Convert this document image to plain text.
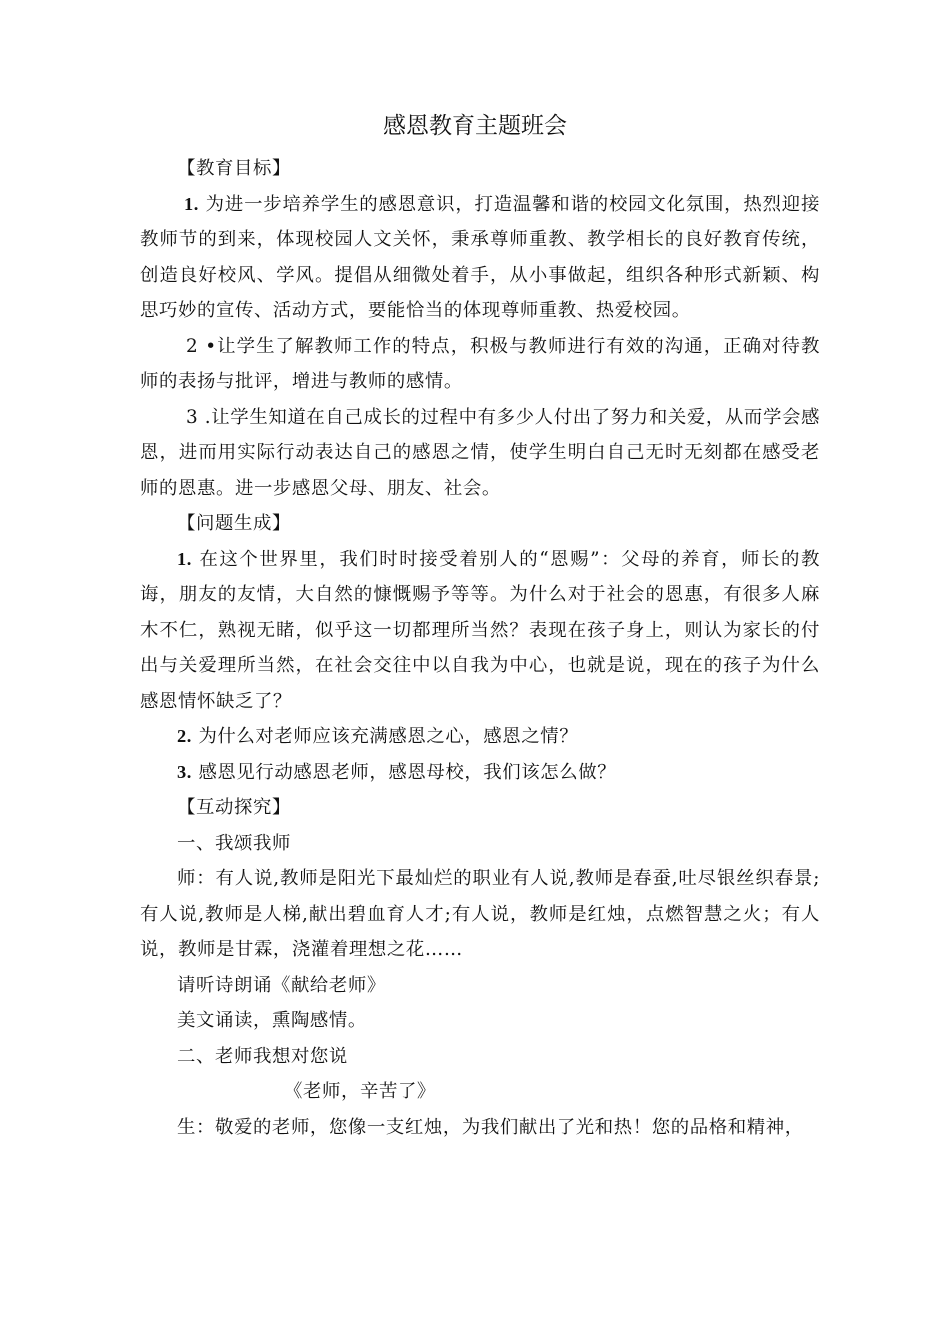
感恩教育主题班会

【教育目标】

1. 为进一步培养学生的感恩意识，打造温馨和谐的校园文化氛围，热烈迎接教师节的到来，体现校园人文关怀，秉承尊师重教、教学相长的良好教育传统，创造良好校风、学风。提倡从细微处着手，从小事做起，组织各种形式新颖、构思巧妙的宣传、活动方式，要能恰当的体现尊师重教、热爱校园。

2 •让学生了解教师工作的特点，积极与教师进行有效的沟通，正确对待教师的表扬与批评，增进与教师的感情。

3 .让学生知道在自己成长的过程中有多少人付出了努力和关爱，从而学会感恩，进而用实际行动表达自己的感恩之情，使学生明白自己无时无刻都在感受老师的恩惠。进一步感恩父母、朋友、社会。

【问题生成】

1. 在这个世界里，我们时时接受着别人的“恩赐”：父母的养育，师长的教诲，朋友的友情，大自然的慷慨赐予等等。为什么对于社会的恩惠，有很多人麻木不仁，熟视无睹，似乎这一切都理所当然？表现在孩子身上，则认为家长的付出与关爱理所当然，在社会交往中以自我为中心，也就是说，现在的孩子为什么感恩情怀缺乏了？

2. 为什么对老师应该充满感恩之心，感恩之情？

3. 感恩见行动感恩老师，感恩母校，我们该怎么做？

【互动探究】

一、我颂我师

师：有人说,教师是阳光下最灿烂的职业有人说,教师是春蚕,吐尽银丝织春景;有人说,教师是人梯,献出碧血育人才;有人说，教师是红烛，点燃智慧之火；有人说，教师是甘霖，浇灌着理想之花……

请听诗朗诵《献给老师》

美文诵读，熏陶感情。

二、老师我想对您说

《老师，辛苦了》

生：敬爱的老师，您像一支红烛，为我们献出了光和热！您的品格和精神，
